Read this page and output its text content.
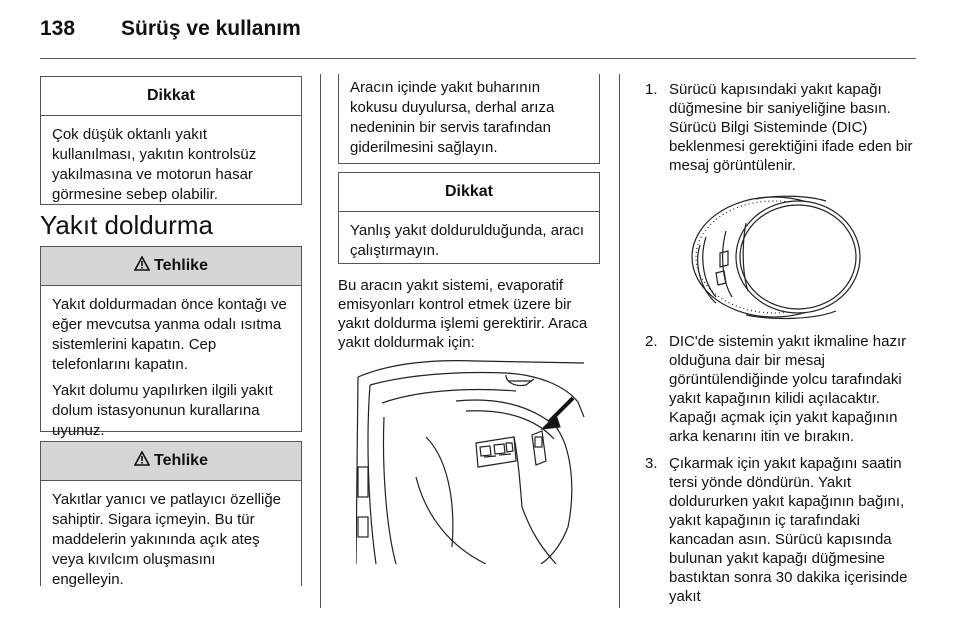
138 Sürüş ve kullanım
Dikkat
Çok düşük oktanlı yakıt kullanılması, yakıtın kontrolsüz yakılmasına ve motorun hasar görmesine sebep olabilir.
Yakıt doldurma
Tehlike

Yakıt doldurmadan önce kontağı ve eğer mevcutsa yanma odalı ısıtma sistemlerini kapatın. Cep telefonlarını kapatın.

Yakıt dolumu yapılırken ilgili yakıt dolum istasyonunun kurallarına uyunuz.

Tehlike
Yakıtlar yanıcı ve patlayıcı özelliğe sahiptir. Sigara içmeyin. Bu tür maddelerin yakınında açık ateş veya kıvılcım oluşmasını engelleyin.
Aracın içinde yakıt buharının kokusu duyulursa, derhal arıza nedeninin bir servis tarafından giderilmesini sağlayın.
Dikkat
Yanlış yakıt doldurulduğunda, aracı çalıştırmayın.
Bu aracın yakıt sistemi, evaporatif emisyonları kontrol etmek üzere bir yakıt doldurma işlemi gerektirir. Araca yakıt doldurmak için:
1. Sürücü kapısındaki yakıt kapağı düğmesine bir saniyeliğine basın. Sürücü Bilgi Sisteminde (DIC) beklenmesi gerektiğini ifade eden bir mesaj görüntülenir.
2. DIC'de sistemin yakıt ikmaline hazır olduğuna dair bir mesaj görüntülendiğinde yolcu tarafındaki yakıt kapağının kilidi açılacaktır. Kapağı açmak için yakıt kapağının arka kenarını itin ve bırakın.
3. Çıkarmak için yakıt kapağını saatin tersi yönde döndürün. Yakıt doldururken yakıt kapağının bağını, yakıt kapağının iç tarafındaki kancadan asın. Sürücü kapısında bulunan yakıt kapağı düğmesine bastıktan sonra 30 dakika içerisinde yakıt
